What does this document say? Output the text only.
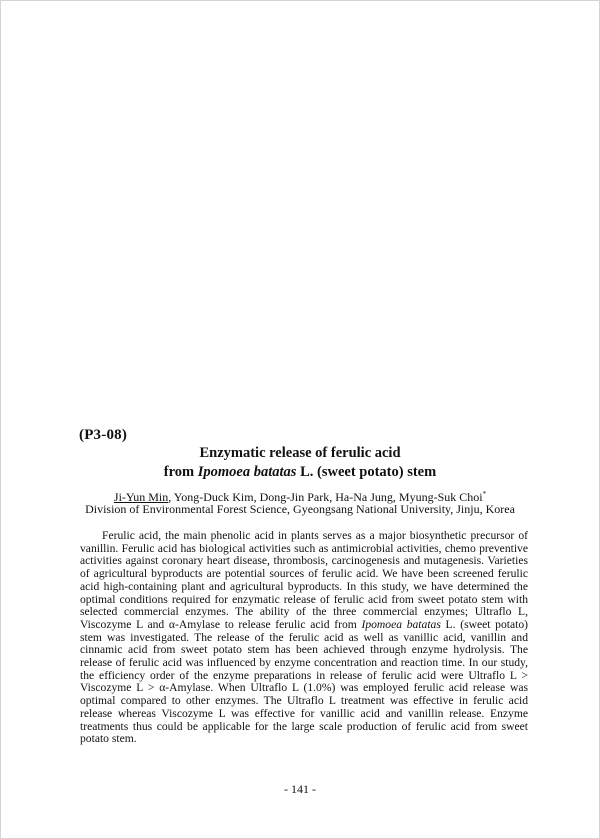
(P3-08)
Enzymatic release of ferulic acid
from Ipomoea batatas L. (sweet potato) stem
Ji-Yun Min, Yong-Duck Kim, Dong-Jin Park, Ha-Na Jung, Myung-Suk Choi*
Division of Environmental Forest Science, Gyeongsang National University, Jinju, Korea

Ferulic acid, the main phenolic acid in plants serves as a major biosynthetic precursor of vanillin. Ferulic acid has biological activities such as antimicrobial activities, chemo preventive activities against coronary heart disease, thrombosis, carcinogenesis and mutagenesis. Varieties of agricultural byproducts are potential sources of ferulic acid. We have been screened ferulic acid high-containing plant and agricultural byproducts. In this study, we have determined the optimal conditions required for enzymatic release of ferulic acid from sweet potato stem with selected commercial enzymes. The ability of the three commercial enzymes; Ultraflo L, Viscozyme L and α-Amylase to release ferulic acid from Ipomoea batatas L. (sweet potato) stem was investigated. The release of the ferulic acid as well as vanillic acid, vanillin and cinnamic acid from sweet potato stem has been achieved through enzyme hydrolysis. The release of ferulic acid was influenced by enzyme concentration and reaction time. In our study, the efficiency order of the enzyme preparations in release of ferulic acid were Ultraflo L > Viscozyme L > α-Amylase. When Ultraflo L (1.0%) was employed ferulic acid release was optimal compared to other enzymes. The Ultraflo L treatment was effective in ferulic acid release whereas Viscozyme L was effective for vanillic acid and vanillin release. Enzyme treatments thus could be applicable for the large scale production of ferulic acid from sweet potato stem.

- 141 -
